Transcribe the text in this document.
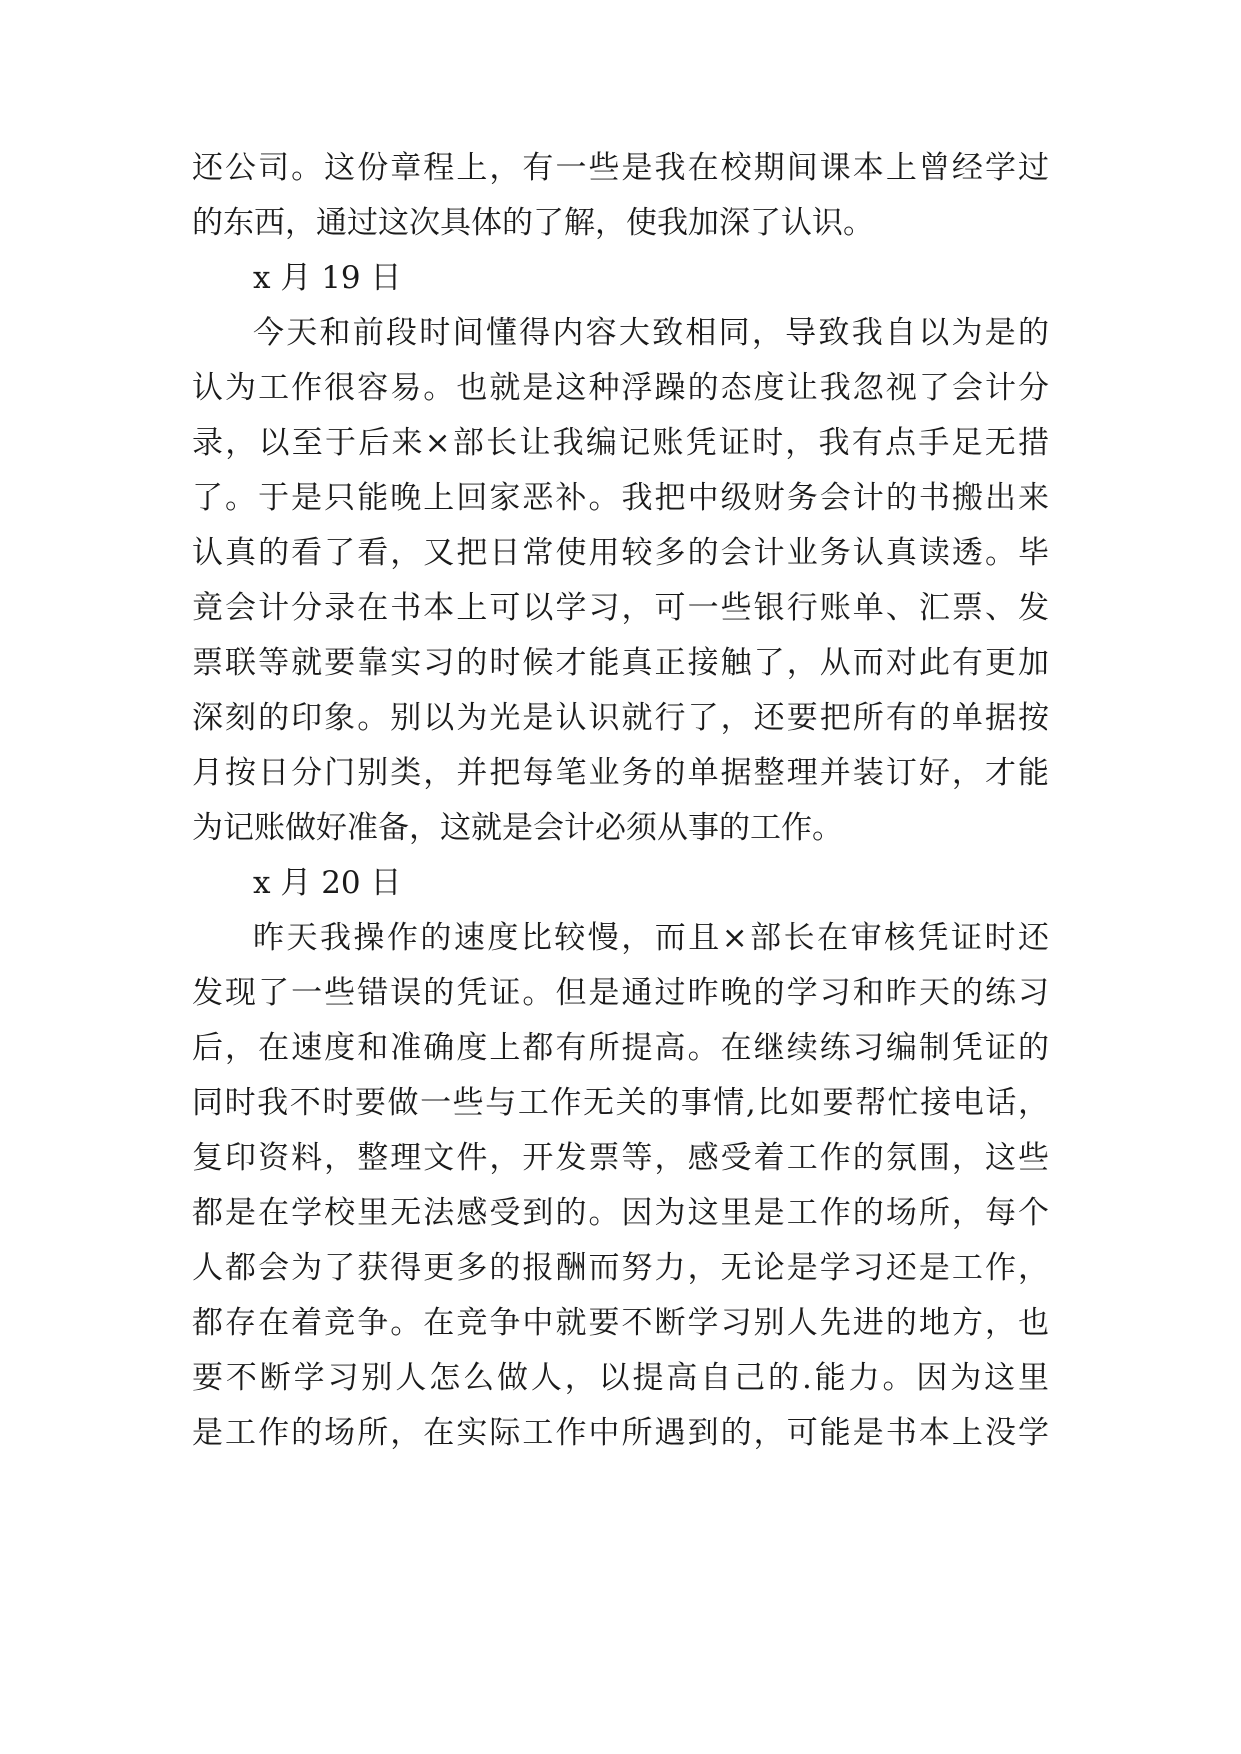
还公司。这份章程上，有一些是我在校期间课本上曾经学过
的东西，通过这次具体的了解，使我加深了认识。
x 月 19 日
今天和前段时间懂得内容大致相同，导致我自以为是的
认为工作很容易。也就是这种浮躁的态度让我忽视了会计分
录，以至于后来×部长让我编记账凭证时，我有点手足无措
了。于是只能晚上回家恶补。我把中级财务会计的书搬出来
认真的看了看，又把日常使用较多的会计业务认真读透。毕
竟会计分录在书本上可以学习，可一些银行账单、汇票、发
票联等就要靠实习的时候才能真正接触了，从而对此有更加
深刻的印象。别以为光是认识就行了，还要把所有的单据按
月按日分门别类，并把每笔业务的单据整理并装订好，才能
为记账做好准备，这就是会计必须从事的工作。
x 月 20 日
昨天我操作的速度比较慢，而且×部长在审核凭证时还
发现了一些错误的凭证。但是通过昨晚的学习和昨天的练习
后，在速度和准确度上都有所提高。在继续练习编制凭证的
同时我不时要做一些与工作无关的事情,比如要帮忙接电话，
复印资料，整理文件，开发票等，感受着工作的氛围，这些
都是在学校里无法感受到的。因为这里是工作的场所，每个
人都会为了获得更多的报酬而努力，无论是学习还是工作，
都存在着竞争。在竞争中就要不断学习别人先进的地方，也
要不断学习别人怎么做人，以提高自己的.能力。因为这里
是工作的场所，在实际工作中所遇到的，可能是书本上没学
